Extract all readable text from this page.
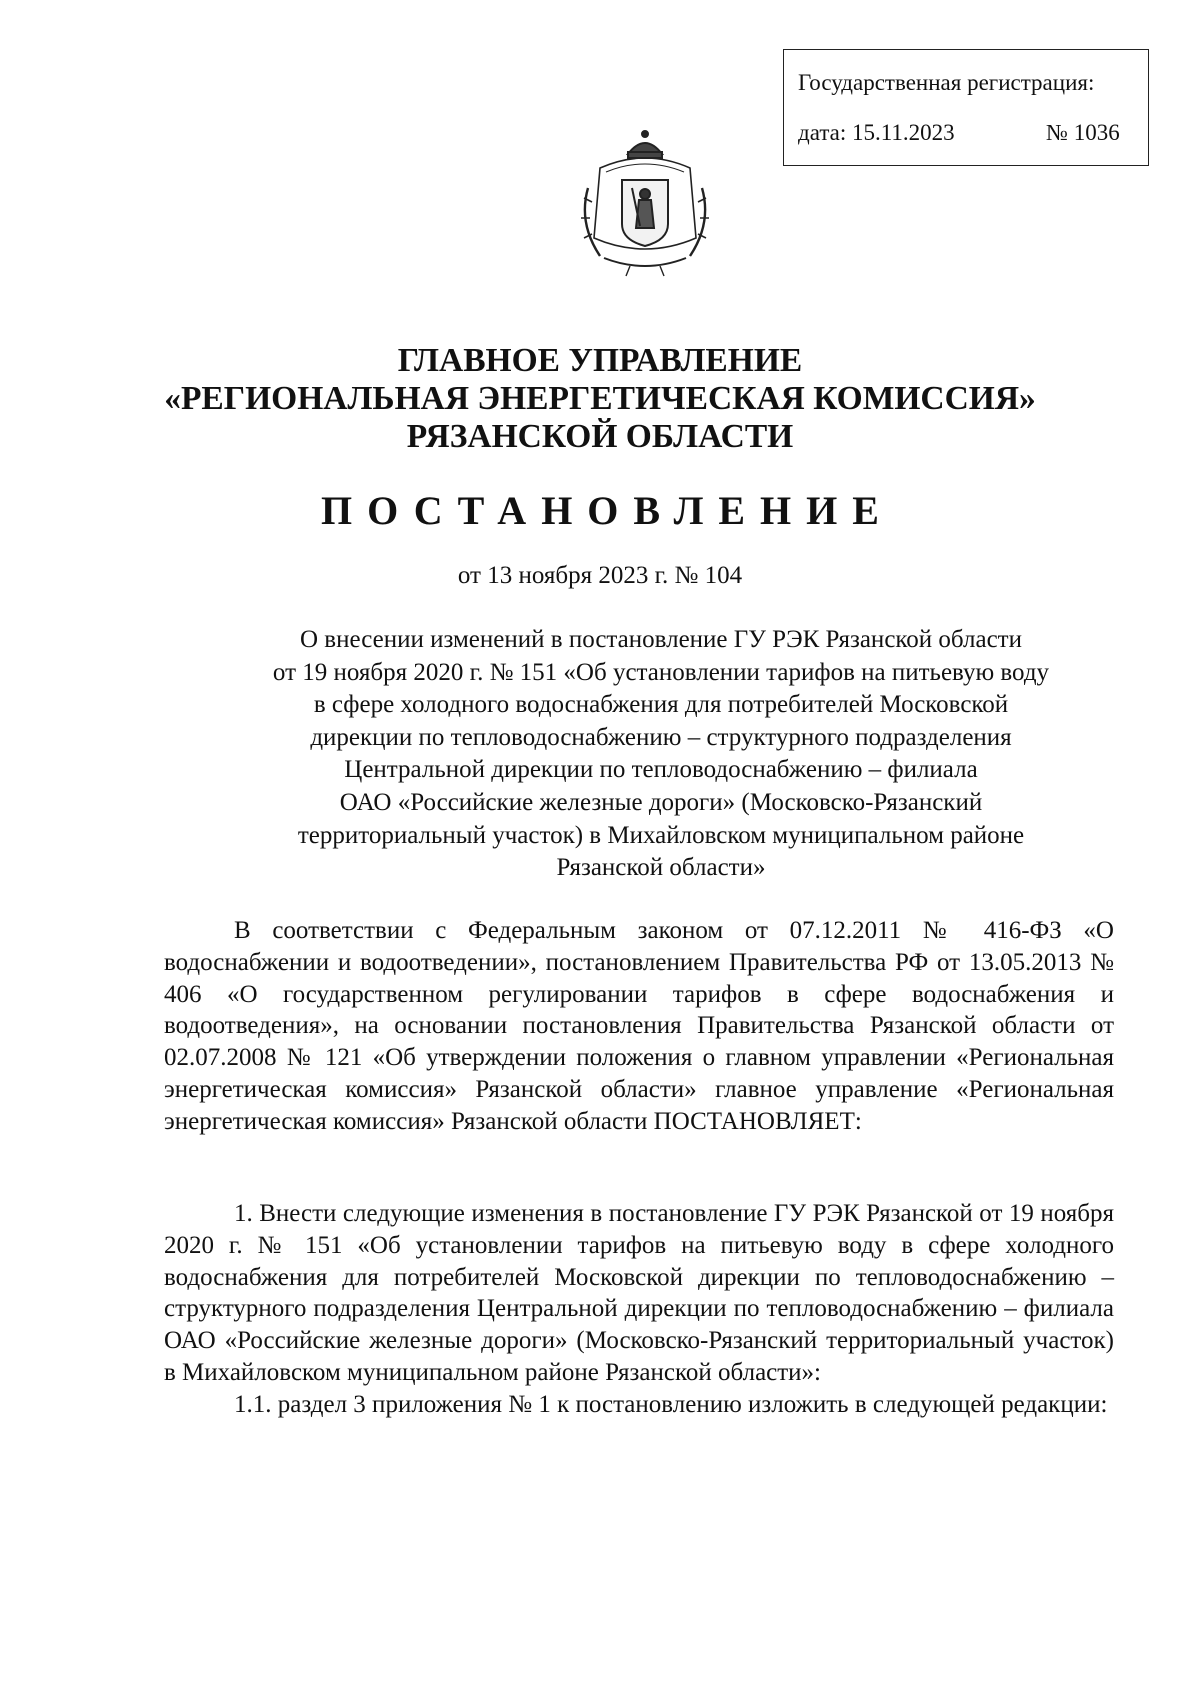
Государственная регистрация:
дата: 15.11.2023	№ 1036
ГЛАВНОЕ УПРАВЛЕНИЕ
«РЕГИОНАЛЬНАЯ ЭНЕРГЕТИЧЕСКАЯ КОМИССИЯ»
РЯЗАНСКОЙ ОБЛАСТИ
ПОСТАНОВЛЕНИЕ
от 13 ноября 2023 г. № 104
О внесении изменений в постановление ГУ РЭК Рязанской области
от 19 ноября 2020 г. № 151 «Об установлении тарифов на питьевую воду
в сфере холодного водоснабжения для потребителей Московской
дирекции по тепловодоснабжению – структурного подразделения
Центральной дирекции по тепловодоснабжению – филиала
ОАО «Российские железные дороги» (Московско-Рязанский
территориальный участок) в Михайловском муниципальном районе
Рязанской области»

В соответствии с Федеральным законом от 07.12.2011 № 416-ФЗ «О водоснабжении и водоотведении», постановлением Правительства РФ от 13.05.2013 № 406 «О государственном регулировании тарифов в сфере водоснабжения и водоотведения», на основании постановления Правительства Рязанской области от 02.07.2008 № 121 «Об утверждении положения о главном управлении «Региональная энергетическая комиссия» Рязанской области» главное управление «Региональная энергетическая комиссия» Рязанской области ПОСТАНОВЛЯЕТ:

1. Внести следующие изменения в постановление ГУ РЭК Рязанской от 19 ноября 2020 г. № 151 «Об установлении тарифов на питьевую воду в сфере холодного водоснабжения для потребителей Московской дирекции по тепловодоснабжению – структурного подразделения Центральной дирекции по тепловодоснабжению – филиала ОАО «Российские железные дороги» (Московско-Рязанский территориальный участок) в Михайловском муниципальном районе Рязанской области»:

1.1. раздел 3 приложения № 1 к постановлению изложить в следующей редакции:
